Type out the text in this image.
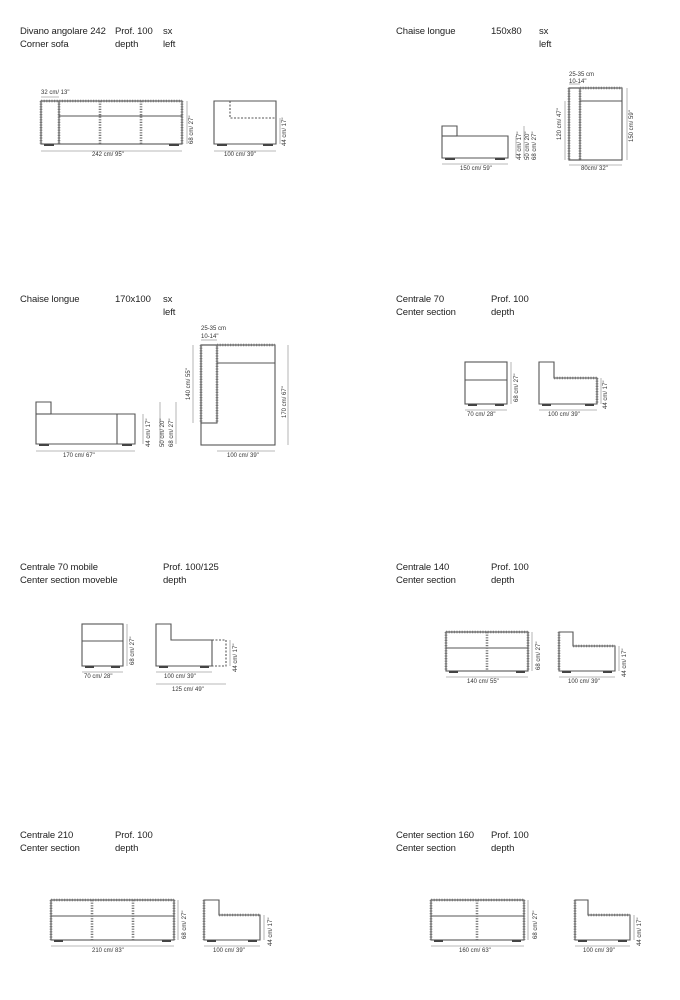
Divano angolare 242
Corner sofa
Prof. 100
depth
sx
left
Chaise longue	150x80 sx
left
Chaise longue	170x100 sx
left
Centrale 70
Center section
Prof. 100
depth
Centrale 70 mobile
Center section moveble
Prof. 100/125
depth
Centrale 140
Center section
Prof. 100
depth
Centrale 210
Center section
Prof. 100
depth
Center section 160
Center section
Prof. 100
depth
32 cm/ 13"
242 cm/ 95"
68 cm/ 27"
100 cm/ 39"
44 cm/ 17"
150 cm/ 59"
44 cm/ 17" 50 cm/ 20" 68 cm/ 27"
25-35 cm
10-14"
120 cm/ 47"	150 cm/ 59"
80cm/ 32"
170 cm/ 67"
44 cm/ 17" 50 cm/ 20" 68 cm/ 27"
25-35 cm
10-14"
140 cm/ 55"
170 cm/ 67"
100 cm/ 39"
70 cm/ 28"
68 cm/ 27"
100 cm/ 39"
44 cm/ 17"
70 cm/ 28"
68 cm/ 27"
100 cm/ 39"
125 cm/ 49"
44 cm/ 17"
140 cm/ 55"
68 cm/ 27"
100 cm/ 39"
44 cm/ 17"
210 cm/ 83"
68 cm/ 27"
100 cm/ 39"
44 cm/ 17"
160 cm/ 63"
68 cm/ 27"
100 cm/ 39"
44 cm/ 17"
